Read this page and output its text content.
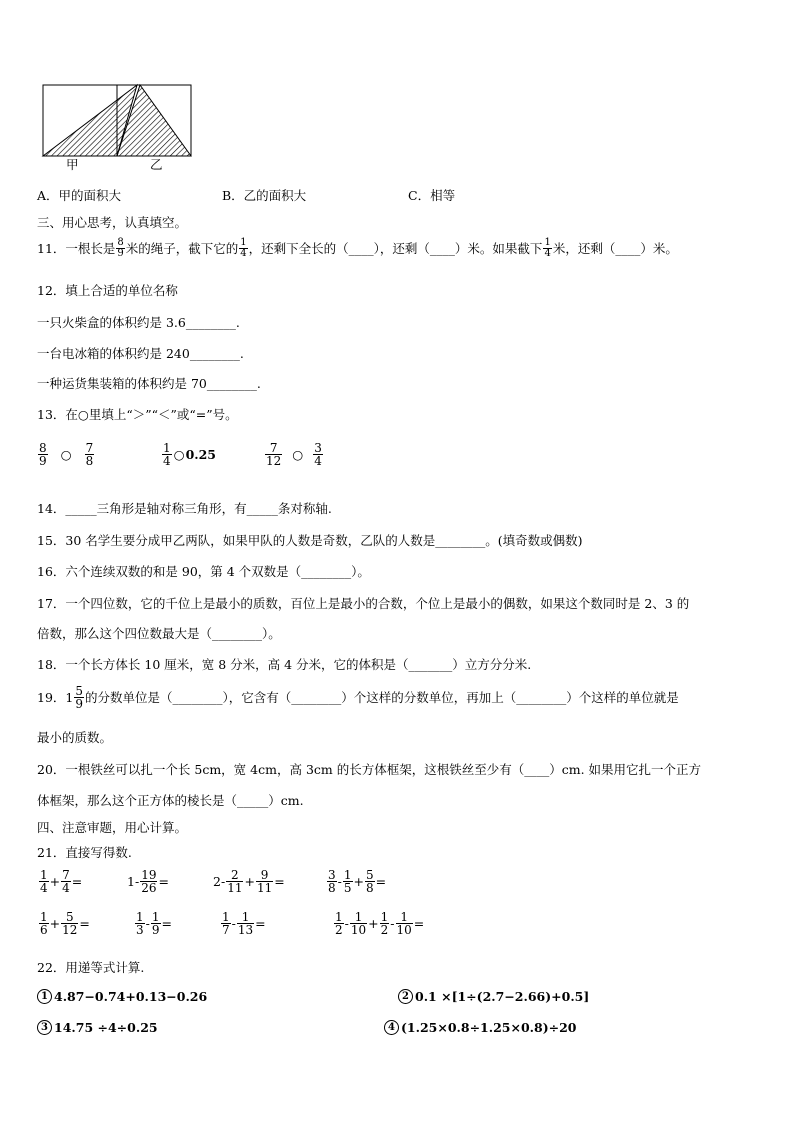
甲	乙
A．甲的面积大	B．乙的面积大	C．相等
三、用心思考，认真填空。
11．一根长是 $\frac{8}{9}$ 米的绳子，截下它的 $\frac{1}{4}$ ，还剩下全长的（____），还剩（____）米。如果截下 $\frac{1}{4}$ 米，还剩（____）米。
12．填上合适的单位名称
一只火柴盒的体积约是 3.6________.
一台电冰箱的体积约是 240________.
一种运货集装箱的体积约是 70________.
13．在○里填上“＞”“＜”或“=”号。
$\frac{8}{9}$ ○ $\frac{7}{8}$	$\frac{1}{4}$ ○ 0.25	$\frac{7}{12}$ ○ $\frac{3}{4}$
14．_____三角形是轴对称三角形，有_____条对称轴.
15．30 名学生要分成甲乙两队，如果甲队的人数是奇数，乙队的人数是________。(填奇数或偶数)
16．六个连续双数的和是 90，第 4 个双数是（________）。
17．一个四位数，它的千位上是最小的质数，百位上是最小的合数，个位上是最小的偶数，如果这个数同时是 2、3 的
倍数，那么这个四位数最大是（________）。
18．一个长方体长 10 厘米，宽 8 分米，高 4 分米，它的体积是（_______）立方分分米.
19． $1 \frac{5}{9}$ 的分数单位是（________），它含有（________）个这样的分数单位，再加上（________）个这样的单位就是
最小的质数。
20．一根铁丝可以扎一个长 5cm，宽 4cm，高 3cm 的长方体框架，这根铁丝至少有（____）cm. 如果用它扎一个正方
体框架，那么这个正方体的棱长是（_____）cm.
四、注意审题，用心计算。
21．直接写得数.
$\frac{1}{4} + \frac{7}{4}$ =	$1- \frac{19}{26}$ =	$2- \frac{2}{11} + \frac{9}{11}$ =	$\frac{3}{8} - \frac{1}{5} + \frac{5}{8}$ =
$\frac{1}{6} + \frac{5}{12}$ =	$\frac{1}{3} - \frac{1}{9}$ =	$\frac{1}{7} - \frac{1}{13}$ =	$\frac{1}{2} - \frac{1}{10} + \frac{1}{2} - \frac{1}{10}$ =
22．用递等式计算.
1 4.87−0.74+0.13−0.26	2 0.1 ×[1÷(2.7−2.66)+0.5]
3 14.75 ÷4÷0.25	4 (1.25×0.8÷1.25×0.8)÷20
